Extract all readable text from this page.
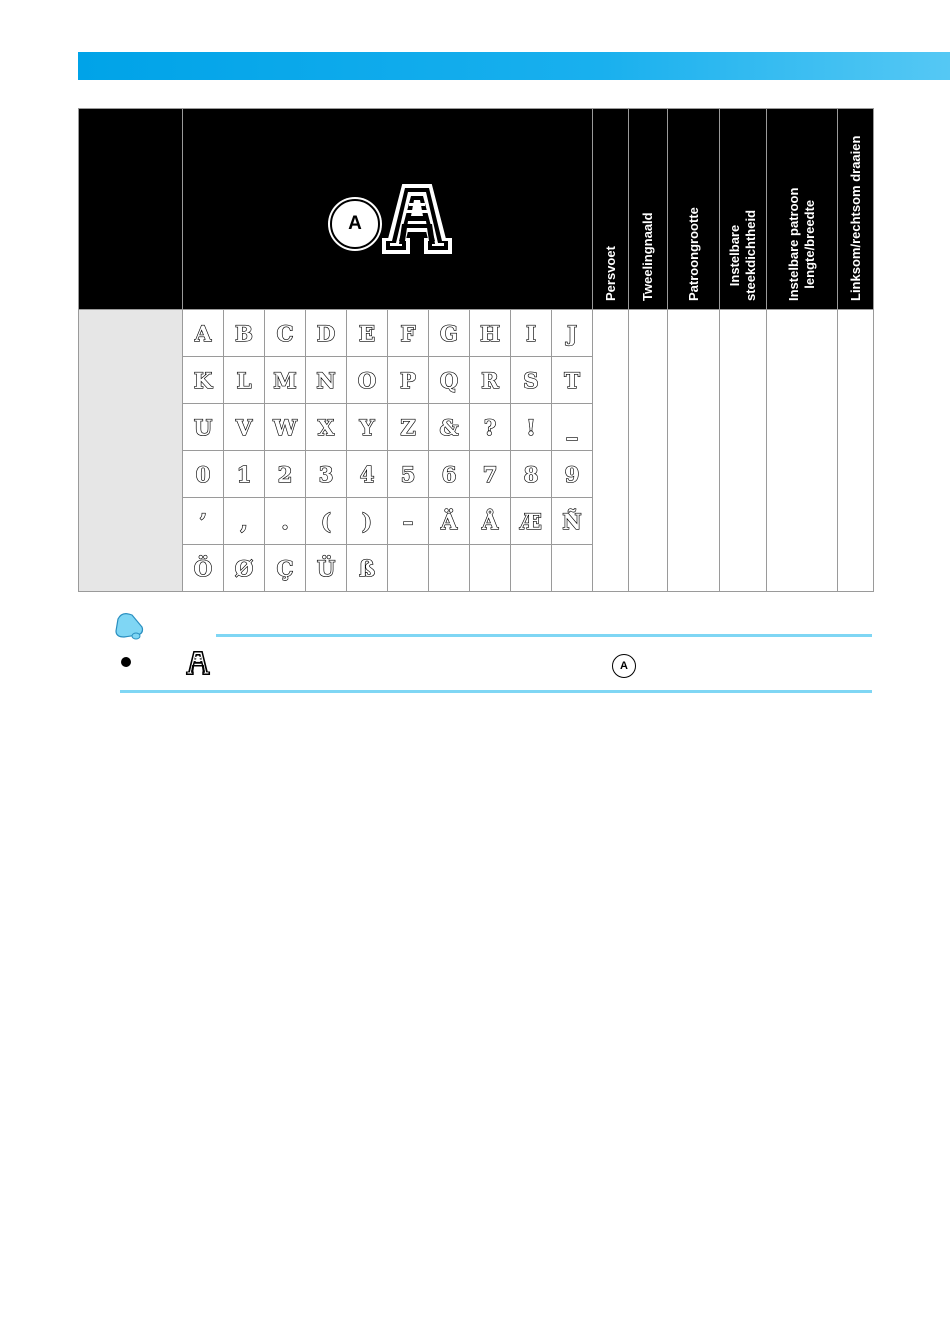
A										Persvoet	Tweelingnaald	Patroongrootte	Instelbare
steekdichtheid	Instelbare patroon
lengte/breedte	Linksom/rechtsom draaien

	A	B	C	D	E	F	G	H	I	J						
	K	L	M	N	O	P	Q	R	S	T						
	U	V	W	X	Y	Z	&	?	!	_						
	0	1	2	3	4	5	6	7	8	9						
	’	,	.	(	)	–	Ä	Å	Æ	Ñ						
	Ö	Ø	Ç	Ü	ß											
A
